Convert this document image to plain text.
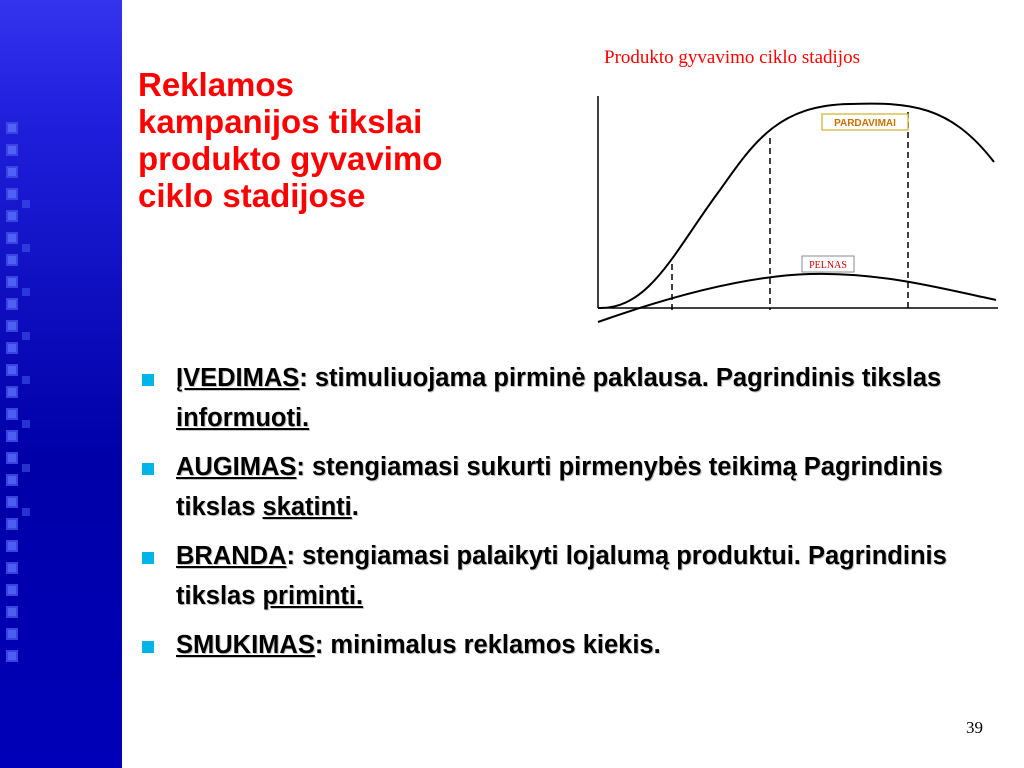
Reklamos
kampanijos tikslai
produkto gyvavimo
ciklo stadijose
Produkto gyvavimo ciklo stadijos
PARDAVIMAI
PELNAS
ĮVEDIMAS: stimuliuojama pirminė paklausa. Pagrindinis tikslas informuoti.
AUGIMAS: stengiamasi sukurti pirmenybės teikimą Pagrindinis tikslas skatinti.
BRANDA: stengiamasi palaikyti lojalumą produktui. Pagrindinis tikslas priminti.
SMUKIMAS: minimalus reklamos kiekis.
39
